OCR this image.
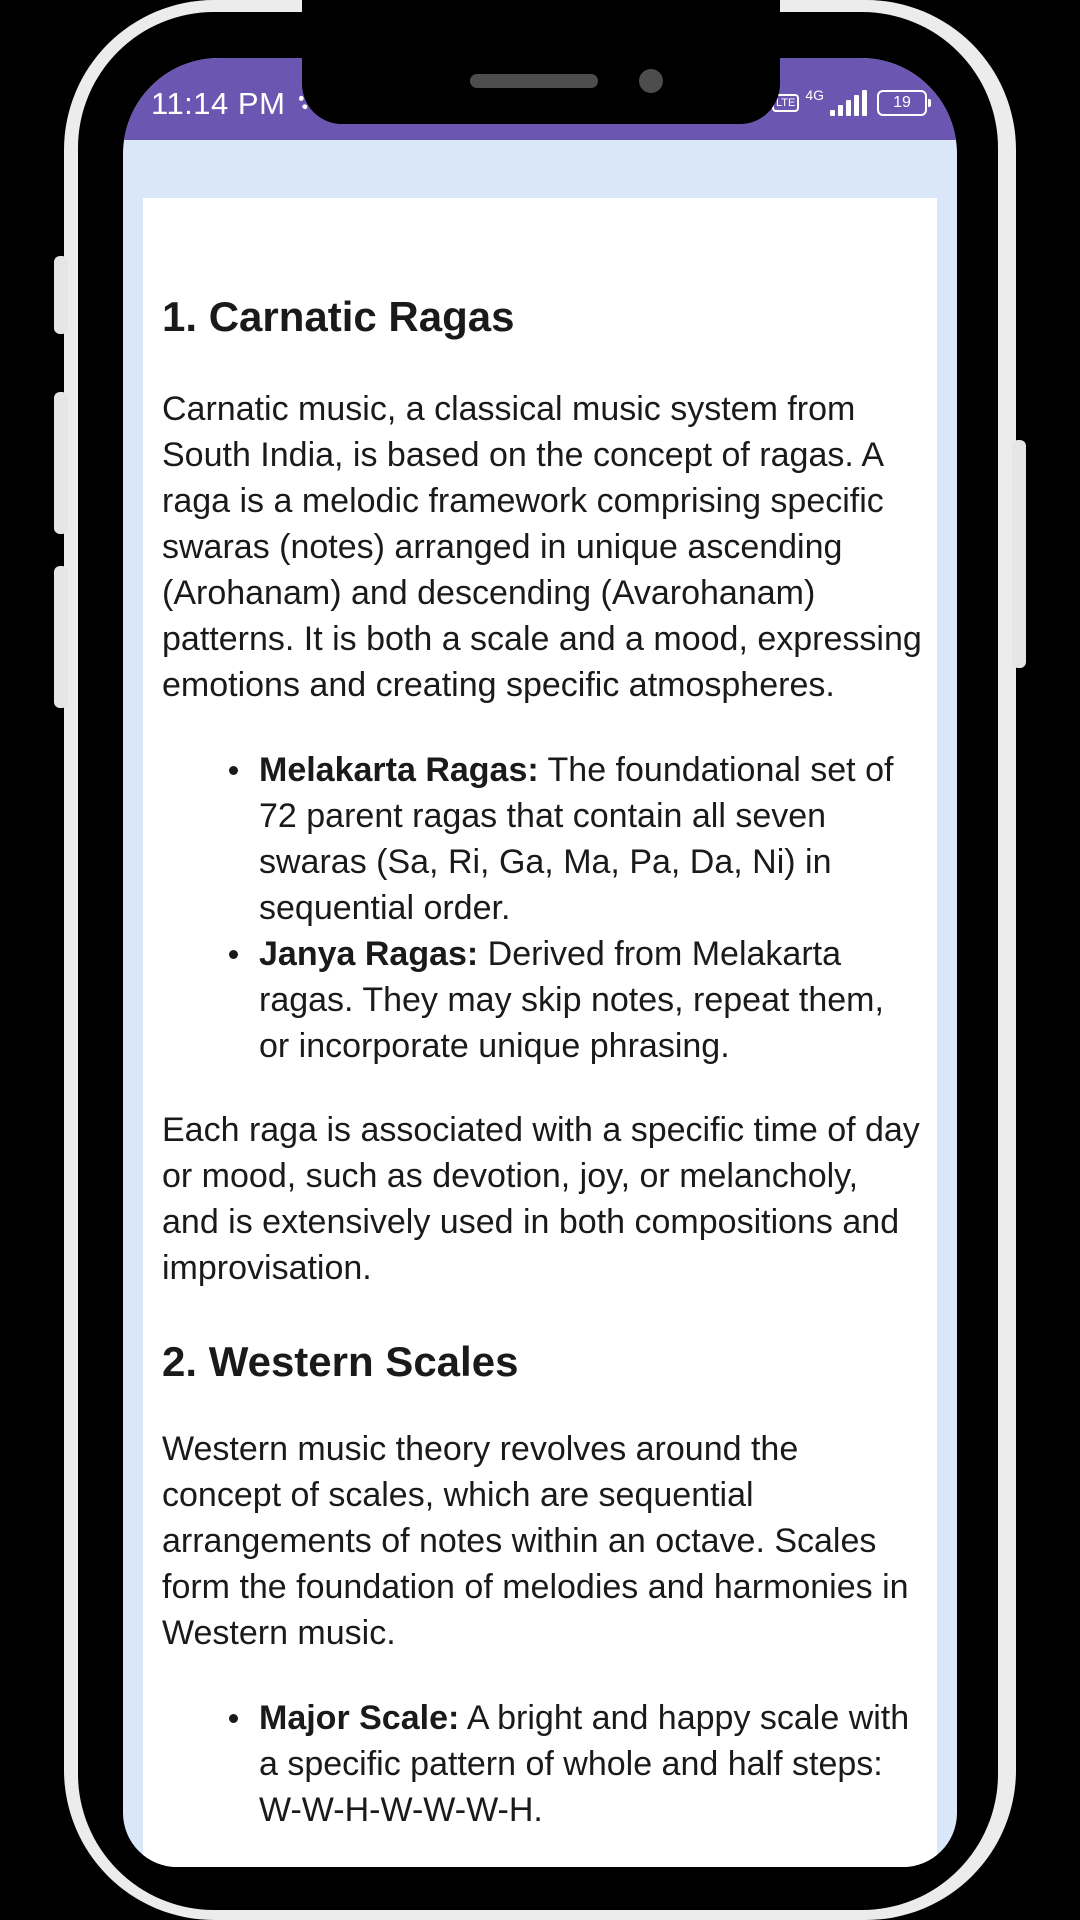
11:14 PM	LTE 4G	19
1. Carnatic Ragas

Carnatic music, a classical music system from South India, is based on the concept of ragas. A raga is a melodic framework comprising specific swaras (notes) arranged in unique ascending (Arohanam) and descending (Avarohanam) patterns. It is both a scale and a mood, expressing emotions and creating specific atmospheres.

Melakarta Ragas: The foundational set of 72 parent ragas that contain all seven swaras (Sa, Ri, Ga, Ma, Pa, Da, Ni) in sequential order.
Janya Ragas: Derived from Melakarta ragas. They may skip notes, repeat them, or incorporate unique phrasing.

Each raga is associated with a specific time of day or mood, such as devotion, joy, or melancholy, and is extensively used in both compositions and improvisation.

2. Western Scales

Western music theory revolves around the concept of scales, which are sequential arrangements of notes within an octave. Scales form the foundation of melodies and harmonies in Western music.

Major Scale: A bright and happy scale with a specific pattern of whole and half steps: W-W-H-W-W-W-H.
